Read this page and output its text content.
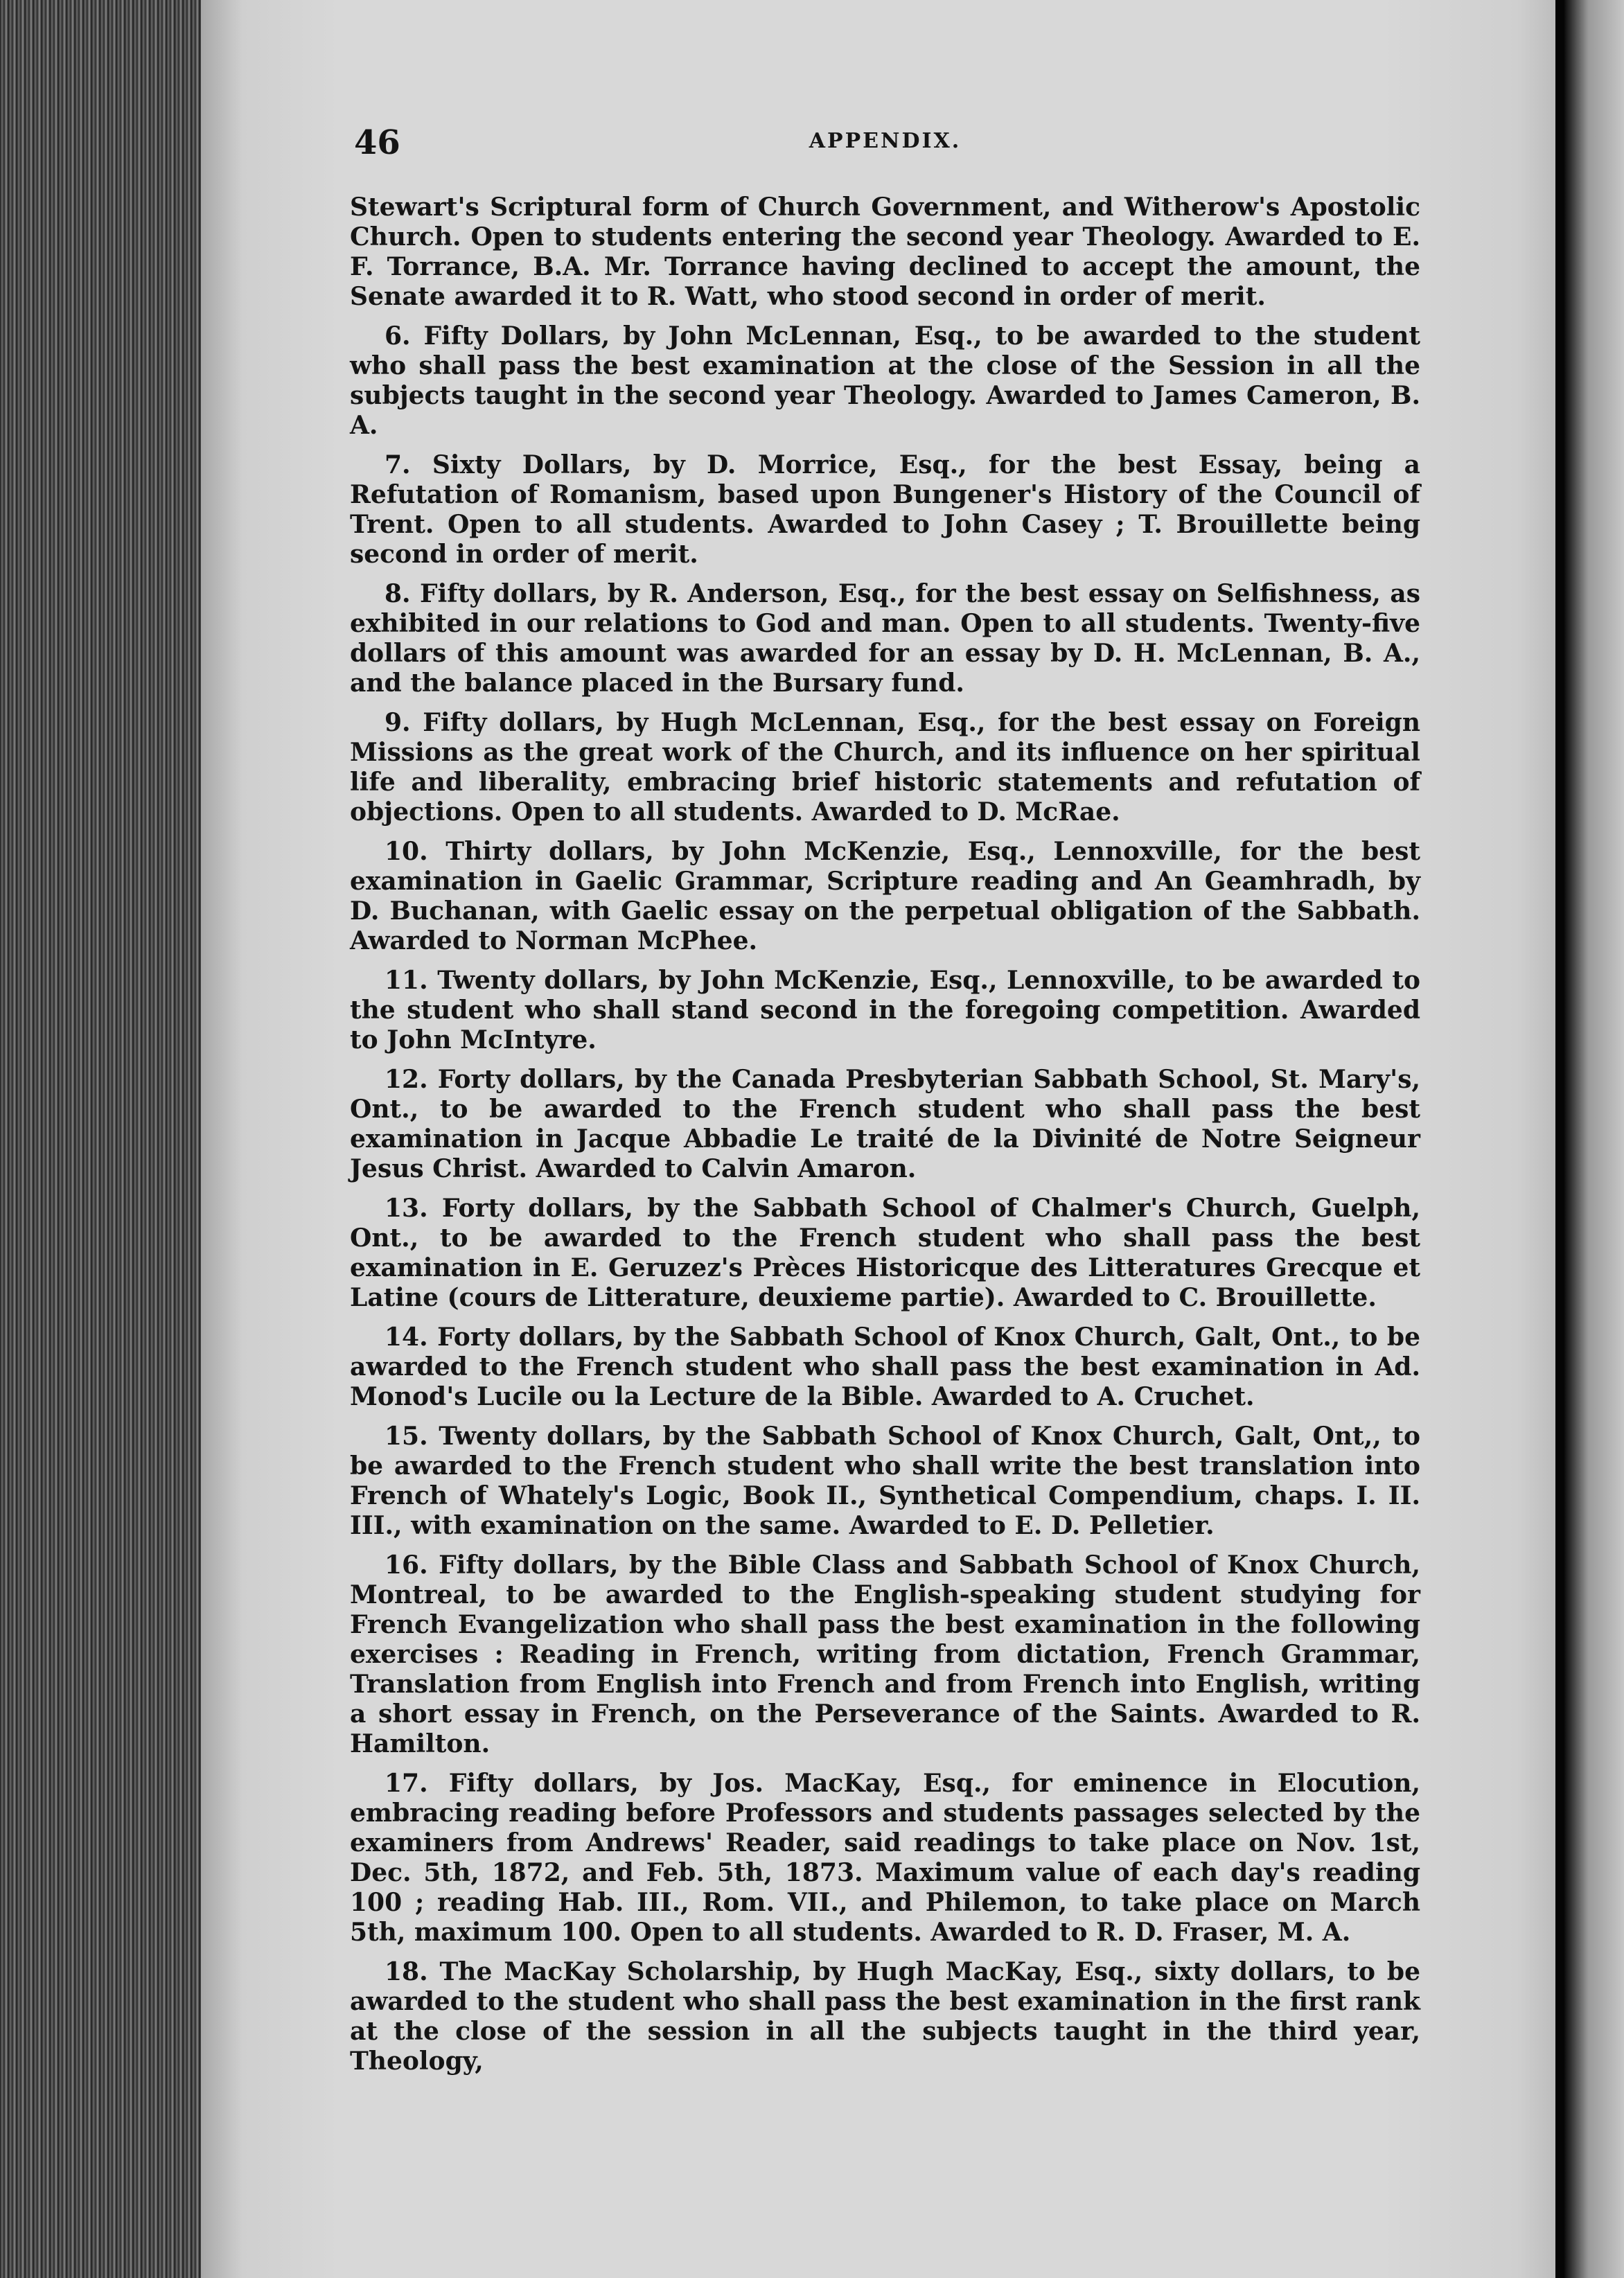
46	APPENDIX.

Stewart's Scriptural form of Church Government, and Witherow's Apostolic Church. Open to students entering the second year Theology. Awarded to E. F. Torrance, B.A. Mr. Torrance having declined to accept the amount, the Senate awarded it to R. Watt, who stood second in order of merit.

6. Fifty Dollars, by John McLennan, Esq., to be awarded to the student who shall pass the best examination at the close of the Session in all the subjects taught in the second year Theology. Awarded to James Cameron, B. A.

7. Sixty Dollars, by D. Morrice, Esq., for the best Essay, being a Refutation of Romanism, based upon Bungener's History of the Council of Trent. Open to all students. Awarded to John Casey ; T. Brouillette being second in order of merit.

8. Fifty dollars, by R. Anderson, Esq., for the best essay on Selfishness, as exhibited in our relations to God and man. Open to all students. Twenty-five dollars of this amount was awarded for an essay by D. H. McLennan, B. A., and the balance placed in the Bursary fund.

9. Fifty dollars, by Hugh McLennan, Esq., for the best essay on Foreign Missions as the great work of the Church, and its influence on her spiritual life and liberality, embracing brief historic statements and refutation of objections. Open to all students. Awarded to D. McRae.

10. Thirty dollars, by John McKenzie, Esq., Lennoxville, for the best examination in Gaelic Grammar, Scripture reading and An Geamhradh, by D. Buchanan, with Gaelic essay on the perpetual obligation of the Sabbath. Awarded to Norman McPhee.

11. Twenty dollars, by John McKenzie, Esq., Lennoxville, to be awarded to the student who shall stand second in the foregoing competition. Awarded to John McIntyre.

12. Forty dollars, by the Canada Presbyterian Sabbath School, St. Mary's, Ont., to be awarded to the French student who shall pass the best examination in Jacque Abbadie Le traité de la Divinité de Notre Seigneur Jesus Christ. Awarded to Calvin Amaron.

13. Forty dollars, by the Sabbath School of Chalmer's Church, Guelph, Ont., to be awarded to the French student who shall pass the best examination in E. Geruzez's Prèces Historicque des Litteratures Grecque et Latine (cours de Litterature, deuxieme partie). Awarded to C. Brouillette.

14. Forty dollars, by the Sabbath School of Knox Church, Galt, Ont., to be awarded to the French student who shall pass the best examination in Ad. Monod's Lucile ou la Lecture de la Bible. Awarded to A. Cruchet.

15. Twenty dollars, by the Sabbath School of Knox Church, Galt, Ont,, to be awarded to the French student who shall write the best translation into French of Whately's Logic, Book II., Synthetical Compendium, chaps. I. II. III., with examination on the same. Awarded to E. D. Pelletier.

16. Fifty dollars, by the Bible Class and Sabbath School of Knox Church, Montreal, to be awarded to the English-speaking student studying for French Evangelization who shall pass the best examination in the following exercises : Reading in French, writing from dictation, French Grammar, Translation from English into French and from French into English, writing a short essay in French, on the Perseverance of the Saints. Awarded to R. Hamilton.

17. Fifty dollars, by Jos. MacKay, Esq., for eminence in Elocution, embracing reading before Professors and students passages selected by the examiners from Andrews' Reader, said readings to take place on Nov. 1st, Dec. 5th, 1872, and Feb. 5th, 1873. Maximum value of each day's reading 100 ; reading Hab. III., Rom. VII., and Philemon, to take place on March 5th, maximum 100. Open to all students. Awarded to R. D. Fraser, M. A.

18. The MacKay Scholarship, by Hugh MacKay, Esq., sixty dollars, to be awarded to the student who shall pass the best examination in the first rank at the close of the session in all the subjects taught in the third year, Theology,
